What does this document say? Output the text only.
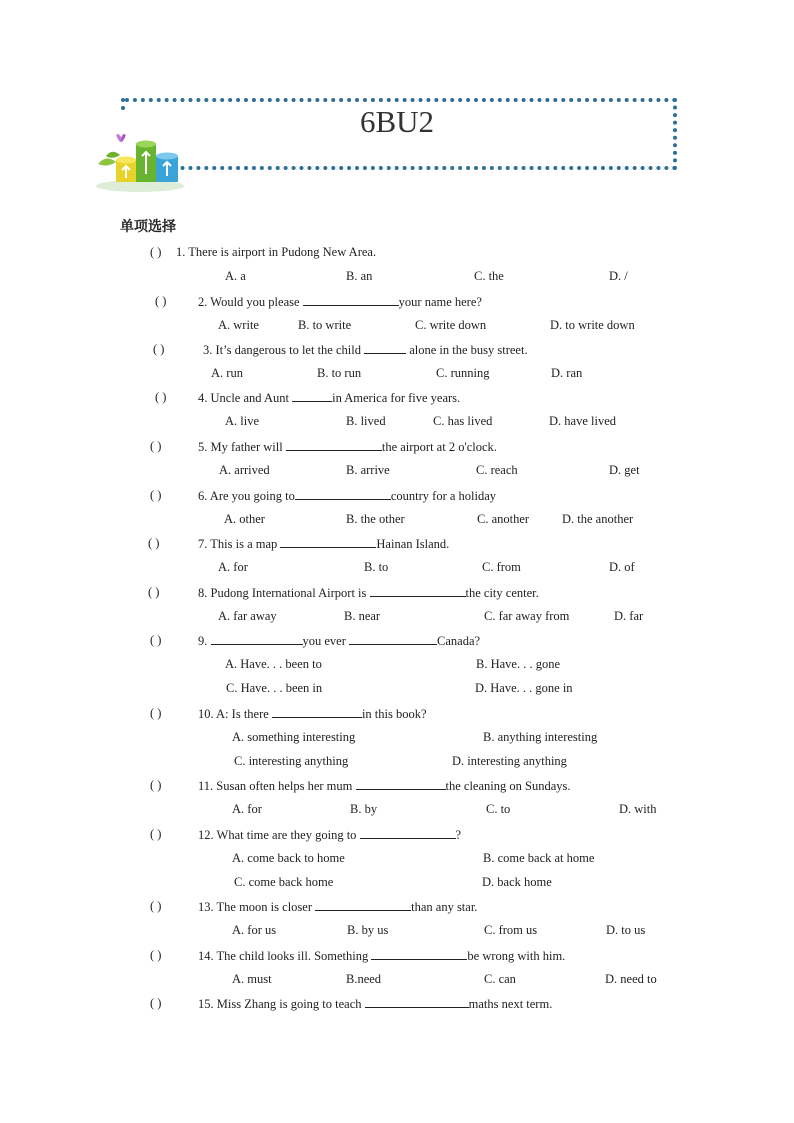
6BU2
单项选择
( ) 1. There is airport in Pudong New Area.
A. a	B. an	C. the	D. /
( )	2. Would you please	your name here?
A. write	B. to write	C. write down	D. to write down
( )	3. It’s dangerous to let the child	alone in the busy street.
A. run	B. to run	C. running	D. ran
( )	4. Uncle and Aunt	in America for five years.
A. live	B. lived	C. has lived	D. have lived
( )	5. My father will	the airport at 2 o'clock.
A. arrived	B. arrive	C. reach	D. get
( )	6. Are you going to	country for a holiday
A. other	B. the other	C. another	D. the another
( )	7. This is a map	Hainan Island.
A. for	B. to	C. from	D. of
( )	8. Pudong International Airport is	the city center.
A. far away	B. near	C. far away from	D. far
( )	9.	you ever	Canada?
A. Have. . . been to	B. Have. . . gone
C. Have. . . been in	D. Have. . . gone in
( )	10. A: Is there	in this book?
A. something interesting	B. anything interesting
C. interesting anything	D. interesting anything
( )	11. Susan often helps her mum	the cleaning on Sundays.
A. for	B. by	C. to	D. with
( )	12. What time are they going to	?
A. come back to home	B. come back at home
C. come back home	D. back home
( )	13. The moon is closer	than any star.
A. for us	B. by us	C. from us	D. to us
( )	14. The child looks ill. Something	be wrong with him.
A. must	B.need	C. can	D. need to
( )	15. Miss Zhang is going to teach	maths next term.
